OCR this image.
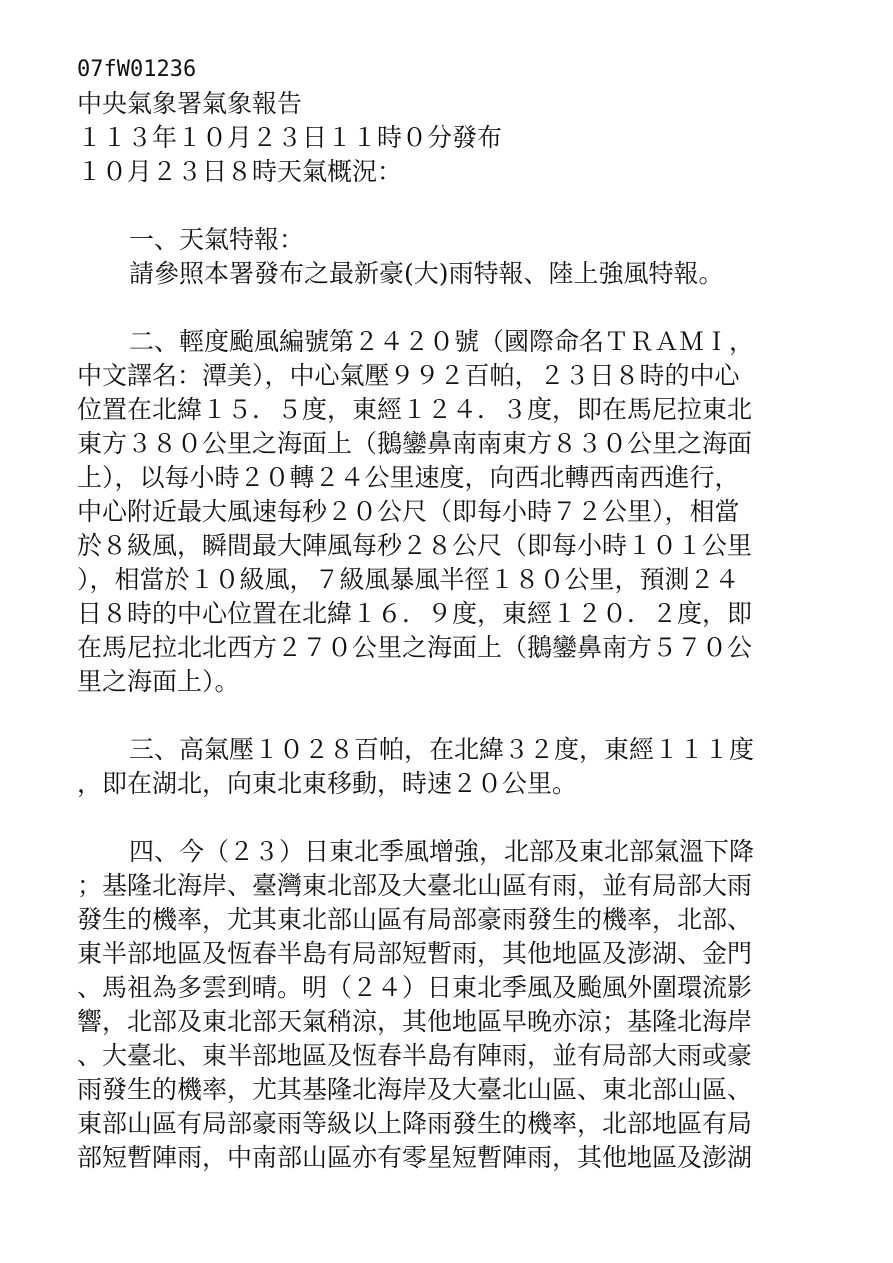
07fW01236
中央氣象署氣象報告
１１３年１０月２３日１１時０分發布
１０月２３日８時天氣概況：
一、天氣特報：
請參照本署發布之最新豪(大)雨特報、陸上強風特報。
二、輕度颱風編號第２４２０號（國際命名ＴＲＡＭＩ，
中文譯名：潭美），中心氣壓９９２百帕，２３日８時的中心
位置在北緯１５．５度，東經１２４．３度，即在馬尼拉東北
東方３８０公里之海面上（鵝鑾鼻南南東方８３０公里之海面
上），以每小時２０轉２４公里速度，向西北轉西南西進行，
中心附近最大風速每秒２０公尺（即每小時７２公里），相當
於８級風，瞬間最大陣風每秒２８公尺（即每小時１０１公里
），相當於１０級風，７級風暴風半徑１８０公里，預測２４
日８時的中心位置在北緯１６．９度，東經１２０．２度，即
在馬尼拉北北西方２７０公里之海面上（鵝鑾鼻南方５７０公
里之海面上）。
三、高氣壓１０２８百帕，在北緯３２度，東經１１１度
，即在湖北，向東北東移動，時速２０公里。
四、今（２３）日東北季風增強，北部及東北部氣溫下降
；基隆北海岸、臺灣東北部及大臺北山區有雨，並有局部大雨
發生的機率，尤其東北部山區有局部豪雨發生的機率，北部、
東半部地區及恆春半島有局部短暫雨，其他地區及澎湖、金門
、馬祖為多雲到晴。明（２４）日東北季風及颱風外圍環流影
響，北部及東北部天氣稍涼，其他地區早晚亦涼；基隆北海岸
、大臺北、東半部地區及恆春半島有陣雨，並有局部大雨或豪
雨發生的機率，尤其基隆北海岸及大臺北山區、東北部山區、
東部山區有局部豪雨等級以上降雨發生的機率，北部地區有局
部短暫陣雨，中南部山區亦有零星短暫陣雨，其他地區及澎湖
